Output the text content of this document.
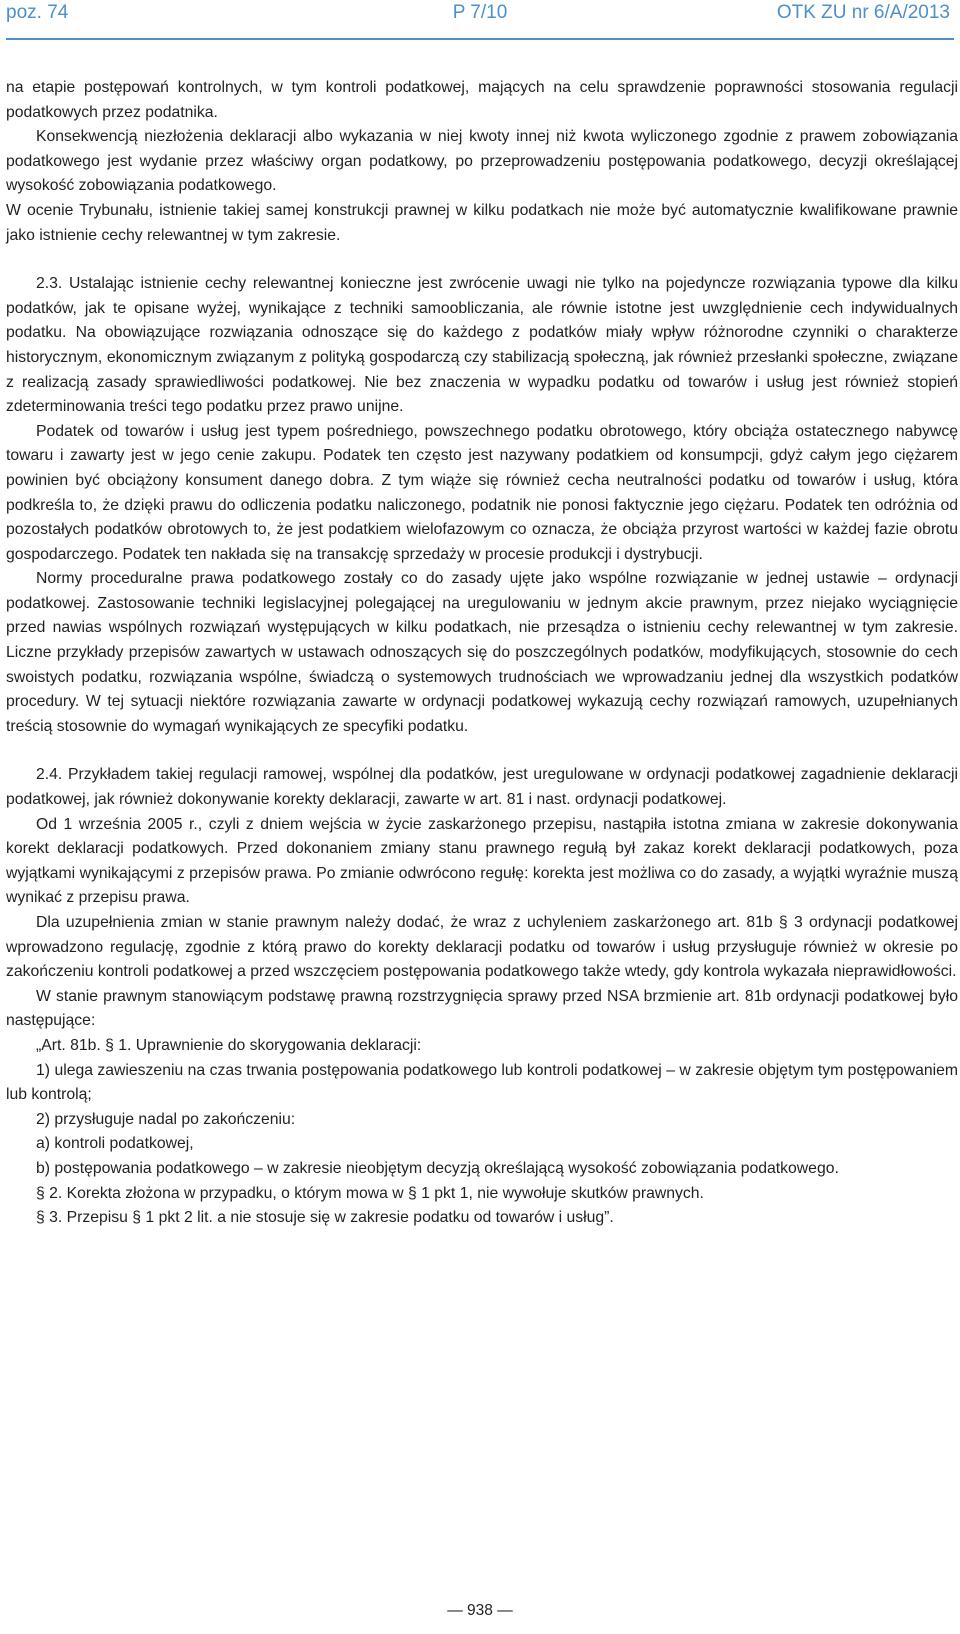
poz. 74	P 7/10	OTK ZU nr 6/A/2013

na etapie postępowań kontrolnych, w tym kontroli podatkowej, mających na celu sprawdzenie poprawności stosowania regulacji podatkowych przez podatnika.

Konsekwencją niezłożenia deklaracji albo wykazania w niej kwoty innej niż kwota wyliczonego zgodnie z prawem zobowiązania podatkowego jest wydanie przez właściwy organ podatkowy, po przeprowadzeniu postępowania podatkowego, decyzji określającej wysokość zobowiązania podatkowego.

W ocenie Trybunału, istnienie takiej samej konstrukcji prawnej w kilku podatkach nie może być automatycznie kwalifikowane prawnie jako istnienie cechy relewantnej w tym zakresie.

2.3. Ustalając istnienie cechy relewantnej konieczne jest zwrócenie uwagi nie tylko na pojedyncze rozwiązania typowe dla kilku podatków, jak te opisane wyżej, wynikające z techniki samoobliczania, ale równie istotne jest uwzględnienie cech indywidualnych podatku. Na obowiązujące rozwiązania odnoszące się do każdego z podatków miały wpływ różnorodne czynniki o charakterze historycznym, ekonomicznym związanym z polityką gospodarczą czy stabilizacją społeczną, jak również przesłanki społeczne, związane z realizacją zasady sprawiedliwości podatkowej. Nie bez znaczenia w wypadku podatku od towarów i usług jest również stopień zdeterminowania treści tego podatku przez prawo unijne.

Podatek od towarów i usług jest typem pośredniego, powszechnego podatku obrotowego, który obciąża ostatecznego nabywcę towaru i zawarty jest w jego cenie zakupu. Podatek ten często jest nazywany podatkiem od konsumpcji, gdyż całym jego ciężarem powinien być obciążony konsument danego dobra. Z tym wiąże się również cecha neutralności podatku od towarów i usług, która podkreśla to, że dzięki prawu do odliczenia podatku naliczonego, podatnik nie ponosi faktycznie jego ciężaru. Podatek ten odróżnia od pozostałych podatków obrotowych to, że jest podatkiem wielofazowym co oznacza, że obciąża przyrost wartości w każdej fazie obrotu gospodarczego. Podatek ten nakłada się na transakcję sprzedaży w procesie produkcji i dystrybucji.

Normy proceduralne prawa podatkowego zostały co do zasady ujęte jako wspólne rozwiązanie w jednej ustawie – ordynacji podatkowej. Zastosowanie techniki legislacyjnej polegającej na uregulowaniu w jednym akcie prawnym, przez niejako wyciągnięcie przed nawias wspólnych rozwiązań występujących w kilku podatkach, nie przesądza o istnieniu cechy relewantnej w tym zakresie. Liczne przykłady przepisów zawartych w ustawach odnoszących się do poszczególnych podatków, modyfikujących, stosownie do cech swoistych podatku, rozwiązania wspólne, świadczą o systemowych trudnościach we wprowadzaniu jednej dla wszystkich podatków procedury. W tej sytuacji niektóre rozwiązania zawarte w ordynacji podatkowej wykazują cechy rozwiązań ramowych, uzupełnianych treścią stosownie do wymagań wynikających ze specyfiki podatku.

2.4. Przykładem takiej regulacji ramowej, wspólnej dla podatków, jest uregulowane w ordynacji podatkowej zagadnienie deklaracji podatkowej, jak również dokonywanie korekty deklaracji, zawarte w art. 81 i nast. ordynacji podatkowej.

Od 1 września 2005 r., czyli z dniem wejścia w życie zaskarżonego przepisu, nastąpiła istotna zmiana w zakresie dokonywania korekt deklaracji podatkowych. Przed dokonaniem zmiany stanu prawnego regułą był zakaz korekt deklaracji podatkowych, poza wyjątkami wynikającymi z przepisów prawa. Po zmianie odwrócono regułę: korekta jest możliwa co do zasady, a wyjątki wyraźnie muszą wynikać z przepisu prawa.

Dla uzupełnienia zmian w stanie prawnym należy dodać, że wraz z uchyleniem zaskarżonego art. 81b § 3 ordynacji podatkowej wprowadzono regulację, zgodnie z którą prawo do korekty deklaracji podatku od towarów i usług przysługuje również w okresie po zakończeniu kontroli podatkowej a przed wszczęciem postępowania podatkowego także wtedy, gdy kontrola wykazała nieprawidłowości.

W stanie prawnym stanowiącym podstawę prawną rozstrzygnięcia sprawy przed NSA brzmienie art. 81b ordynacji podatkowej było następujące:

„Art. 81b. § 1. Uprawnienie do skorygowania deklaracji:

1) ulega zawieszeniu na czas trwania postępowania podatkowego lub kontroli podatkowej – w zakresie objętym tym postępowaniem lub kontrolą;

2) przysługuje nadal po zakończeniu:

a) kontroli podatkowej,

b) postępowania podatkowego – w zakresie nieobjętym decyzją określającą wysokość zobowiązania podatkowego.

§ 2. Korekta złożona w przypadku, o którym mowa w § 1 pkt 1, nie wywołuje skutków prawnych.

§ 3. Przepisu § 1 pkt 2 lit. a nie stosuje się w zakresie podatku od towarów i usług”.

— 938 —
